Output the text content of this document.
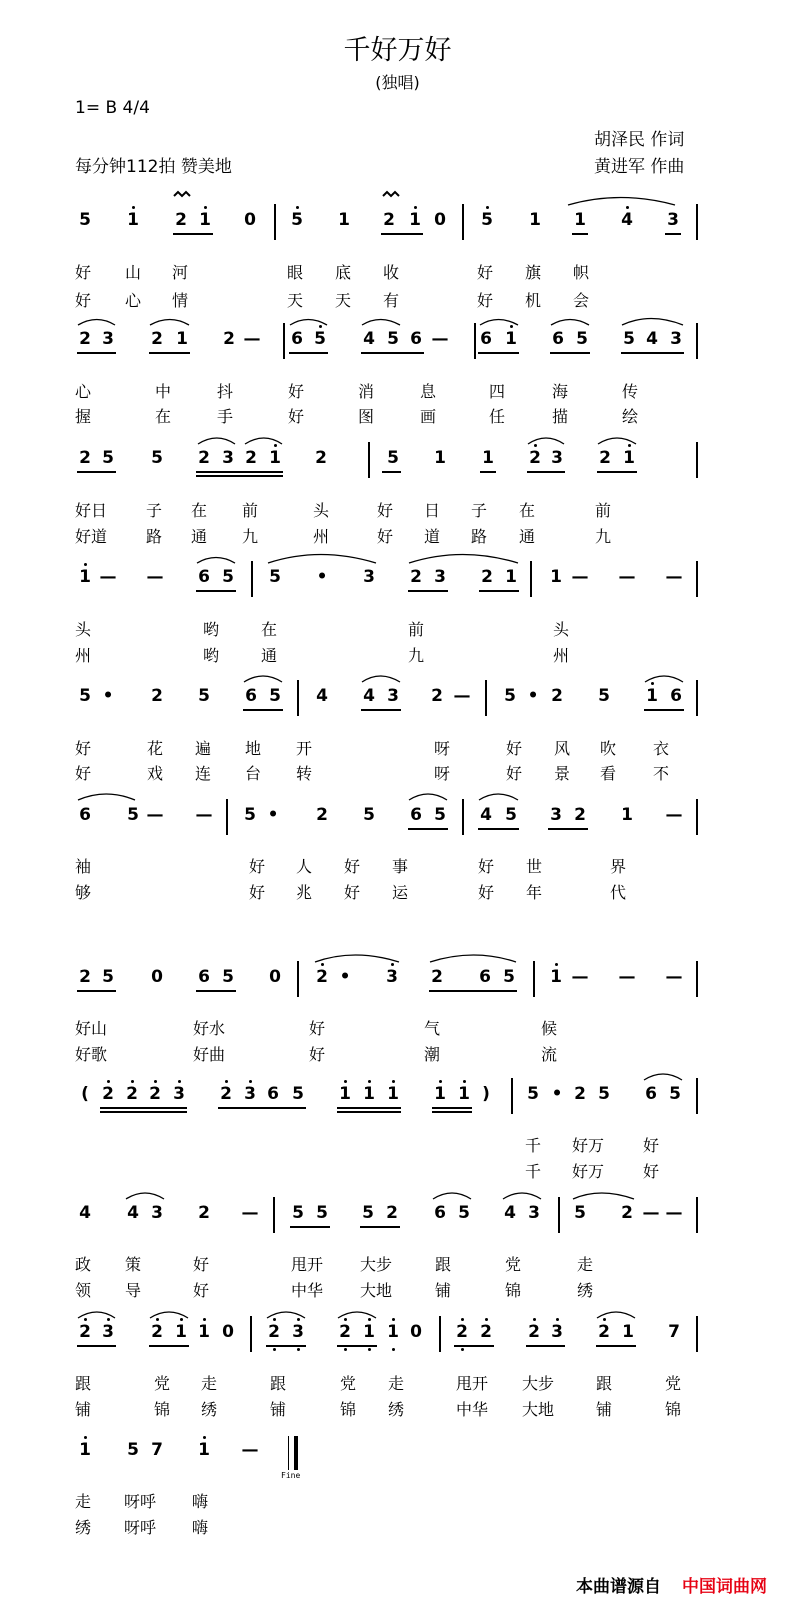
千好万好
(独唱)
1= B 4/4
胡泽民 作词
每分钟112拍 赞美地	黄进军 作曲
5 1 2 1 0 5 1 2 1 0 5 1 1 4 3
好 山 河	眼 底 收	好 旗 帜
好 心 情	天 天 有	好 机 会
2 3 2 1 2 — 6 5 4 5 6 — 6 1 6 5 5 4 3
心	中	抖	好	消	息	四	海	传
握	在	手	好	图	画	任	描	绘
2 5 5 2 3 2 1 2	5 1 1 2 3 2 1
好日 子 在 前	头	好 日 子 在	前
好道 路 通 九	州	好 道 路 通	九
1 — — 6 5 5 • 3 2 3 2 1 1 — — —
头	哟	在	前	头
州	哟	通	九	州
5 • 2 5 6 5 4 4 3 2 — 5 • 2 5 1 6
好	花 遍 地 开	呀	好 风 吹 衣
好	戏 连 台 转	呀	好 景 看 不
6 5 — — 5 • 2 5 6 5 4 5 3 2 1 —
袖	好 人 好 事	好 世	界
够	好 兆 好 运	好 年	代
2 5 0 6 5 0 2 • 3 2 6 5 1 — — —
好山	好水	好	气	候
好歌	好曲	好	潮	流
( 2 2 2 3 2 3 6 5 1 1 1 1 1 ) 5 • 2 5 6 5
千 好万 好
千 好万 好
4 4 3 2 — 5 5 5 2 6 5 4 3 5 2 — —
政 策	好	甩开 大步	跟	党	走
领 导	好	中华 大地	铺	锦	绣
2 3 2 1 1 0 2 3 2 1 1 0 2 2 2 3 2 1 7
跟	党 走	跟	党 走	甩开 大步	跟	党
铺	锦 绣	铺	锦 绣	中华 大地	铺	锦
1 5 7 1 —
走 呀呼 嗨
绣 呀呼 嗨
Fine
本曲谱源自 中国词曲网
